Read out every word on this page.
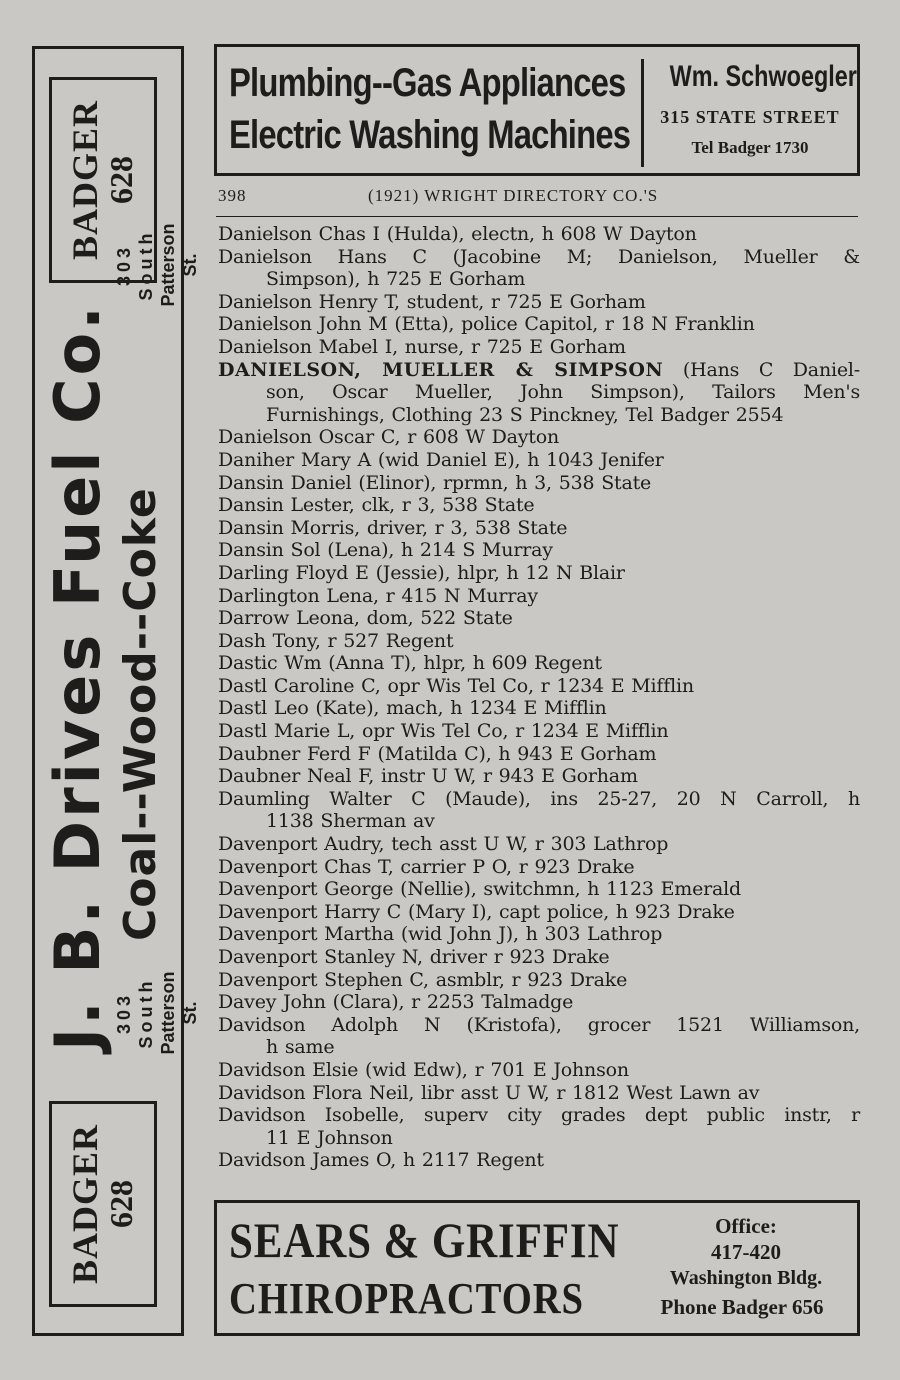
BADGER
628
303 South Patterson St.
J. B. Drives Fuel Co. Coal--Wood--Coke
303 South Patterson St.
BADGER
628
Plumbing--Gas Appliances
Electric Washing Machines
Wm. Schwoegler
315 STATE STREET
Tel Badger 1730
398	(1921) WRIGHT DIRECTORY CO.'S
Danielson Chas I (Hulda), electn, h 608 W Dayton
Danielson Hans C (Jacobine M; Danielson, Mueller &
Simpson), h 725 E Gorham
Danielson Henry T, student, r 725 E Gorham
Danielson John M (Etta), police Capitol, r 18 N Franklin
Danielson Mabel I, nurse, r 725 E Gorham
DANIELSON, MUELLER & SIMPSON (Hans C Daniel-
son, Oscar Mueller, John Simpson), Tailors Men's
Furnishings, Clothing 23 S Pinckney, Tel Badger 2554
Danielson Oscar C, r 608 W Dayton
Daniher Mary A (wid Daniel E), h 1043 Jenifer
Dansin Daniel (Elinor), rprmn, h 3, 538 State
Dansin Lester, clk, r 3, 538 State
Dansin Morris, driver, r 3, 538 State
Dansin Sol (Lena), h 214 S Murray
Darling Floyd E (Jessie), hlpr, h 12 N Blair
Darlington Lena, r 415 N Murray
Darrow Leona, dom, 522 State
Dash Tony, r 527 Regent
Dastic Wm (Anna T), hlpr, h 609 Regent
Dastl Caroline C, opr Wis Tel Co, r 1234 E Mifflin
Dastl Leo (Kate), mach, h 1234 E Mifflin
Dastl Marie L, opr Wis Tel Co, r 1234 E Mifflin
Daubner Ferd F (Matilda C), h 943 E Gorham
Daubner Neal F, instr U W, r 943 E Gorham
Daumling Walter C (Maude), ins 25-27, 20 N Carroll, h
1138 Sherman av
Davenport Audry, tech asst U W, r 303 Lathrop
Davenport Chas T, carrier P O, r 923 Drake
Davenport George (Nellie), switchmn, h 1123 Emerald
Davenport Harry C (Mary I), capt police, h 923 Drake
Davenport Martha (wid John J), h 303 Lathrop
Davenport Stanley N, driver r 923 Drake
Davenport Stephen C, asmblr, r 923 Drake
Davey John (Clara), r 2253 Talmadge
Davidson Adolph N (Kristofa), grocer 1521 Williamson,
h same
Davidson Elsie (wid Edw), r 701 E Johnson
Davidson Flora Neil, libr asst U W, r 1812 West Lawn av
Davidson Isobelle, superv city grades dept public instr, r
11 E Johnson
Davidson James O, h 2117 Regent
SEARS & GRIFFIN
CHIROPRACTORS
Office:
417-420
Washington Bldg.
Phone Badger 656
